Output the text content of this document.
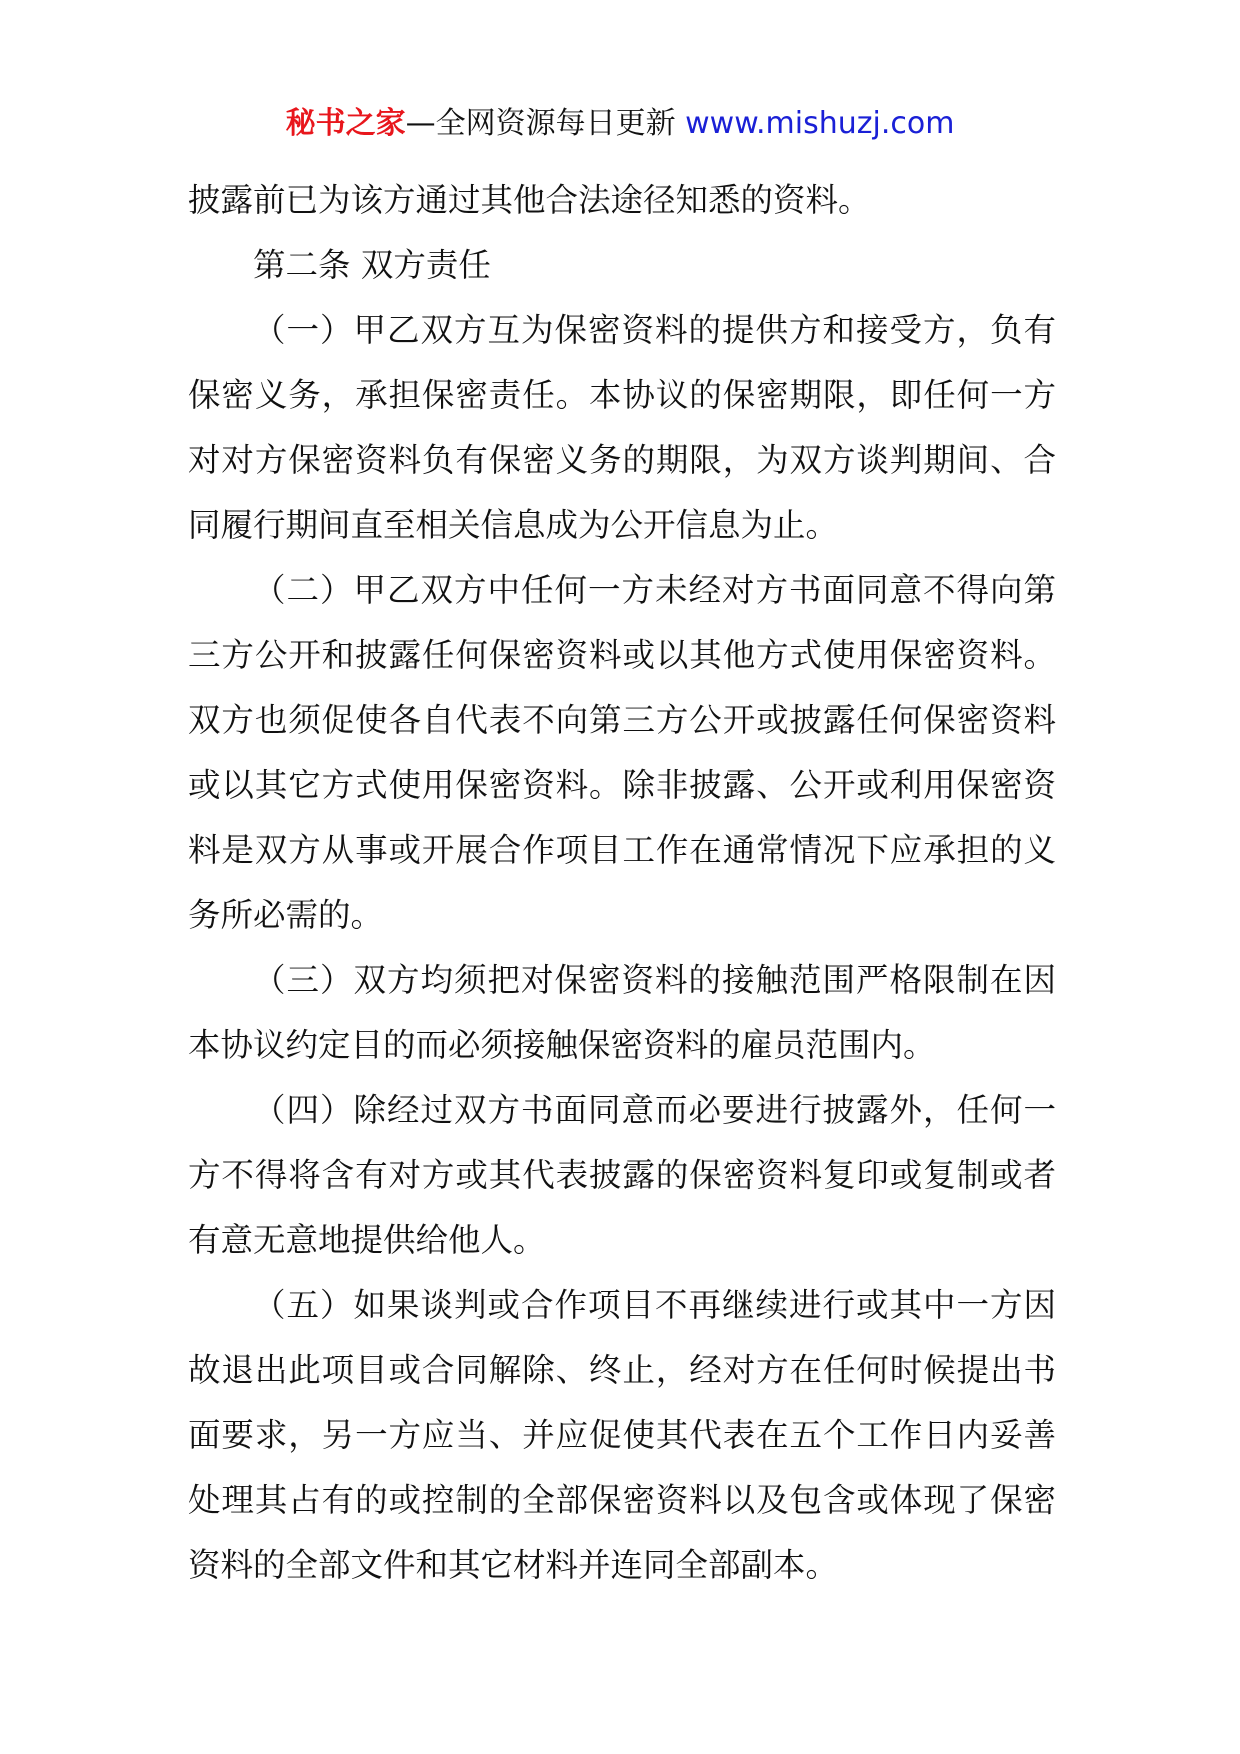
秘书之家—全网资源每日更新 www.mishuzj.com

披露前已为该方通过其他合法途径知悉的资料。

第二条 双方责任

（一）甲乙双方互为保密资料的提供方和接受方，负有保密义务，承担保密责任。本协议的保密期限，即任何一方对对方保密资料负有保密义务的期限，为双方谈判期间、合同履行期间直至相关信息成为公开信息为止。

（二）甲乙双方中任何一方未经对方书面同意不得向第三方公开和披露任何保密资料或以其他方式使用保密资料。双方也须促使各自代表不向第三方公开或披露任何保密资料或以其它方式使用保密资料。除非披露、公开或利用保密资料是双方从事或开展合作项目工作在通常情况下应承担的义务所必需的。

（三）双方均须把对保密资料的接触范围严格限制在因本协议约定目的而必须接触保密资料的雇员范围内。

（四）除经过双方书面同意而必要进行披露外，任何一方不得将含有对方或其代表披露的保密资料复印或复制或者有意无意地提供给他人。

（五）如果谈判或合作项目不再继续进行或其中一方因故退出此项目或合同解除、终止，经对方在任何时候提出书面要求，另一方应当、并应促使其代表在五个工作日内妥善处理其占有的或控制的全部保密资料以及包含或体现了保密资料的全部文件和其它材料并连同全部副本。
